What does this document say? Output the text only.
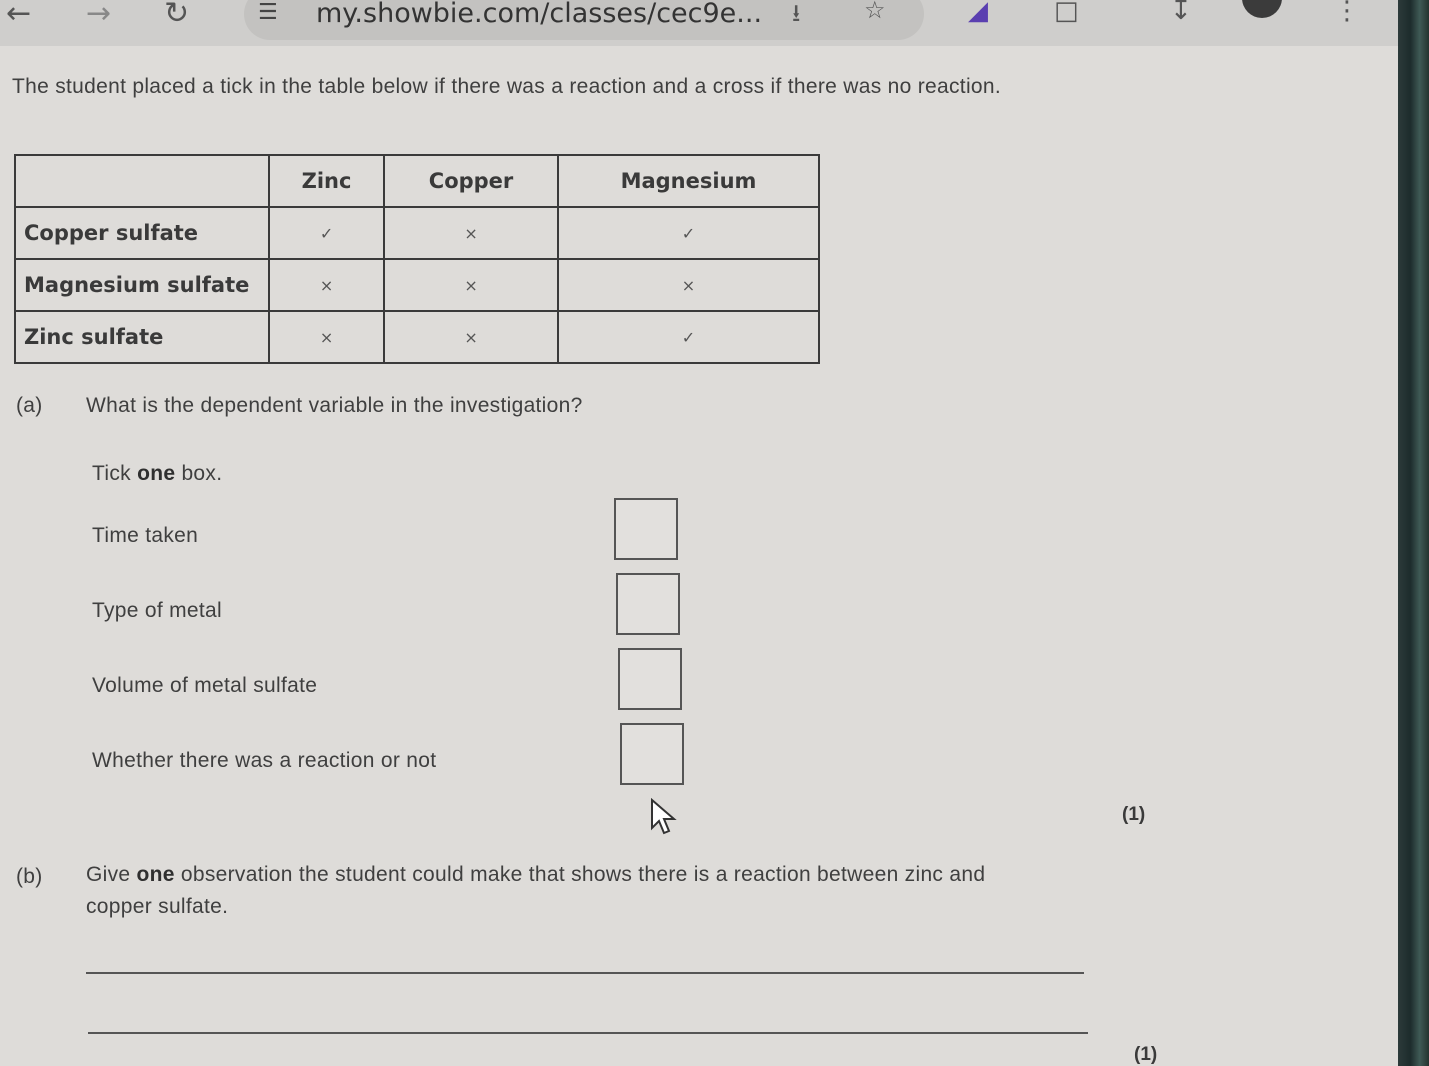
← → ↻	☰ my.showbie.com/classes/cec9e... ⭳	☆	◢	□	↧	⋮
The student placed a tick in the table below if there was a reaction and a cross if there was no reaction.
	Zinc	Copper	Magnesium
Copper sulfate	✓	×	✓
Magnesium sulfate	×	×	×
Zinc sulfate	×	×	✓
(a) What is the dependent variable in the investigation?
Tick one box.
Time taken
Type of metal
Volume of metal sulfate
Whether there was a reaction or not
(1)
(b) Give one observation the student could make that shows there is a reaction between zinc and copper sulfate.
(1)
